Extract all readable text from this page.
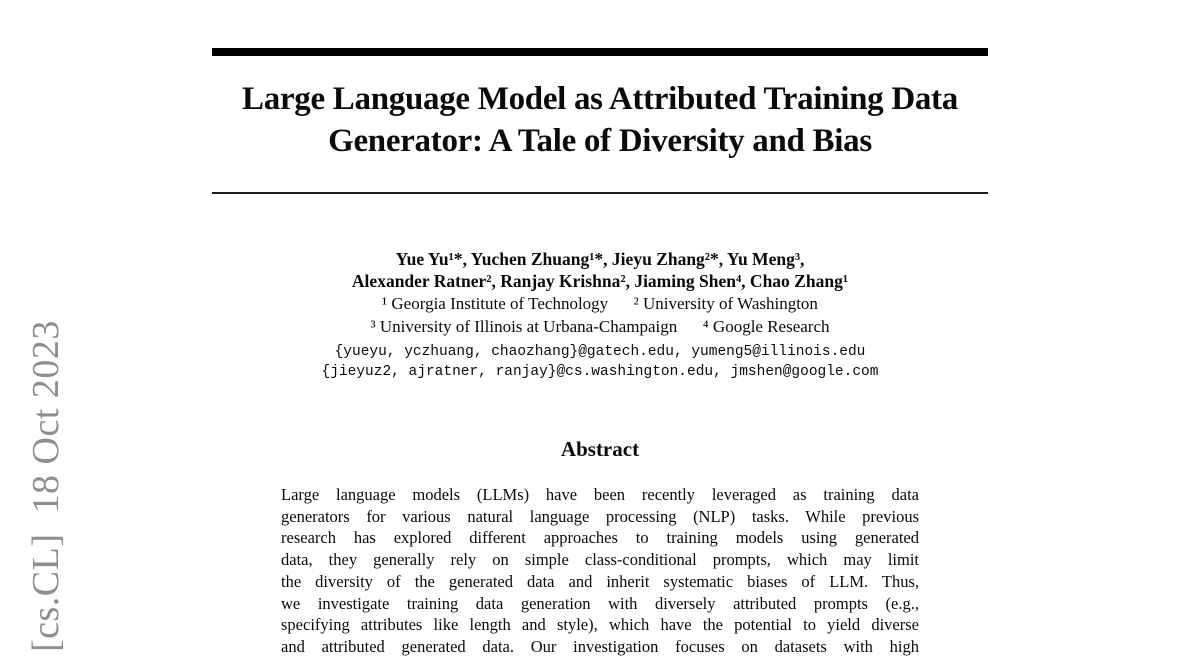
[cs.CL]  18 Oct 2023
Large Language Model as Attributed Training Data
Generator: A Tale of Diversity and Bias
Yue Yu¹*, Yuchen Zhuang¹*, Jieyu Zhang²*, Yu Meng³,
Alexander Ratner², Ranjay Krishna², Jiaming Shen⁴, Chao Zhang¹
¹ Georgia Institute of Technology      ² University of Washington
³ University of Illinois at Urbana-Champaign      ⁴ Google Research
{yueyu, yczhuang, chaozhang}@gatech.edu, yumeng5@illinois.edu
{jieyuz2, ajratner, ranjay}@cs.washington.edu, jmshen@google.com
Abstract
Large language models (LLMs) have been recently leveraged as training data
generators for various natural language processing (NLP) tasks. While previous
research has explored different approaches to training models using generated
data, they generally rely on simple class-conditional prompts, which may limit
the diversity of the generated data and inherit systematic biases of LLM. Thus,
we investigate training data generation with diversely attributed prompts (e.g.,
specifying attributes like length and style), which have the potential to yield diverse
and attributed generated data. Our investigation focuses on datasets with high
